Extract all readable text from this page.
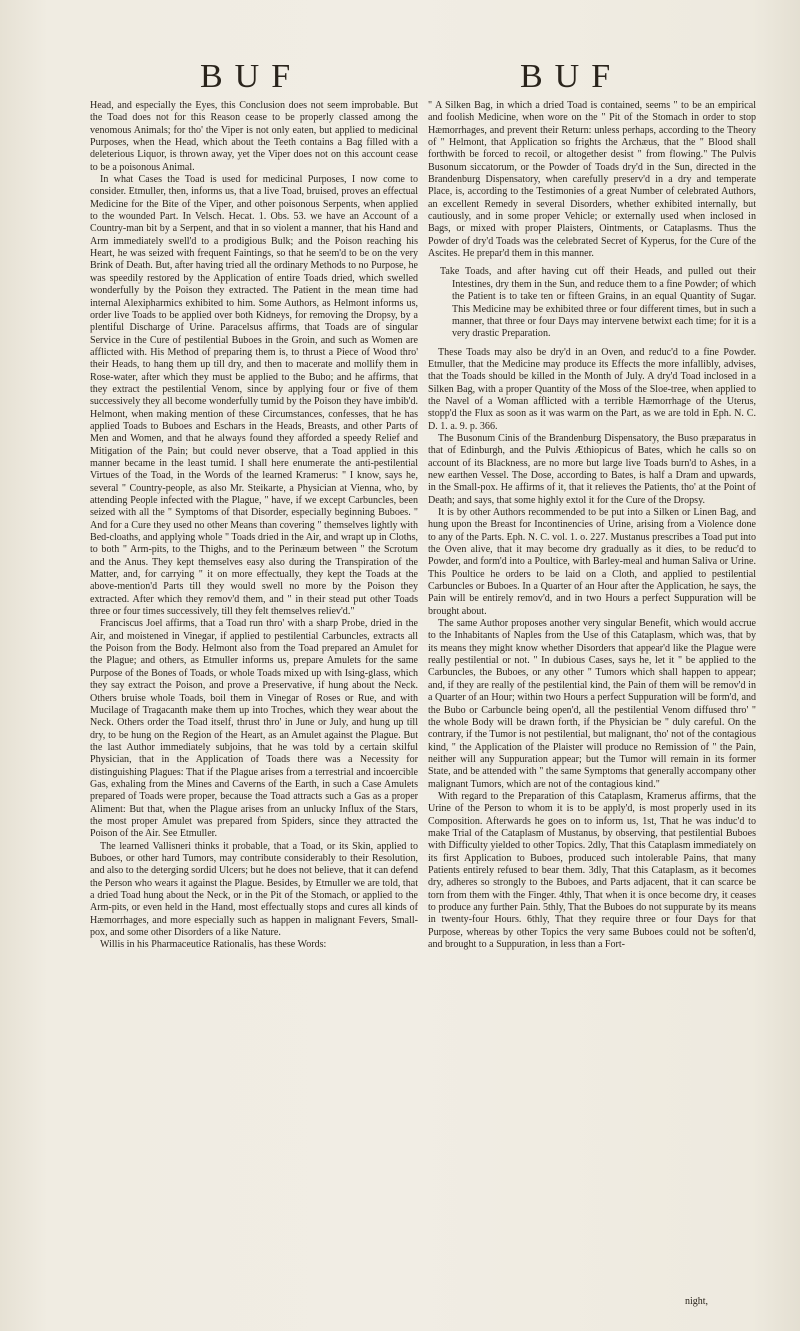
BUF	BUF

Head, and especially the Eyes, this Conclusion does not seem improbable. But the Toad does not for this Reason cease to be properly classed among the venomous Animals; for tho' the Viper is not only eaten, but applied to medicinal Purposes, when the Head, which about the Teeth contains a Bag filled with a deleterious Liquor, is thrown away, yet the Viper does not on this account cease to be a poisonous Animal.

In what Cases the Toad is used for medicinal Purposes, I now come to consider. Etmuller, then, informs us, that a live Toad, bruised, proves an effectual Medicine for the Bite of the Viper, and other poisonous Serpents, when applied to the wounded Part. In Velsch. Hecat. 1. Obs. 53. we have an Account of a Country-man bit by a Serpent, and that in so violent a manner, that his Hand and Arm immediately swell'd to a prodigious Bulk; and the Poison reaching his Heart, he was seized with frequent Faintings, so that he seem'd to be on the very Brink of Death. But, after having tried all the ordinary Methods to no Purpose, he was speedily restored by the Application of entire Toads dried, which swelled wonderfully by the Poison they extracted. The Patient in the mean time had internal Alexipharmics exhibited to him. Some Authors, as Helmont informs us, order live Toads to be applied over both Kidneys, for removing the Dropsy, by a plentiful Discharge of Urine. Paracelsus affirms, that Toads are of singular Service in the Cure of pestilential Buboes in the Groin, and such as Women are afflicted with. His Method of preparing them is, to thrust a Piece of Wood thro' their Heads, to hang them up till dry, and then to macerate and mollify them in Rose-water, after which they must be applied to the Bubo; and he affirms, that they extract the pestilential Venom, since by applying four or five of them successively they all become wonderfully tumid by the Poison they have imbib'd. Helmont, when making mention of these Circumstances, confesses, that he has applied Toads to Buboes and Eschars in the Heads, Breasts, and other Parts of Men and Women, and that he always found they afforded a speedy Relief and Mitigation of the Pain; but could never observe, that a Toad applied in this manner became in the least tumid. I shall here enumerate the anti-pestilential Virtues of the Toad, in the Words of the learned Kramerus: " I know, says he, several " Country-people, as also Mr. Steikarte, a Physician at Vienna, who, by attending People infected with the Plague, " have, if we except Carbuncles, been seized with all the " Symptoms of that Disorder, especially beginning Buboes. " And for a Cure they used no other Means than covering " themselves lightly with Bed-cloaths, and applying whole " Toads dried in the Air, and wrapt up in Cloths, to both " Arm-pits, to the Thighs, and to the Perinæum between " the Scrotum and the Anus. They kept themselves easy also during the Transpiration of the Matter, and, for carrying " it on more effectually, they kept the Toads at the above-mention'd Parts till they would swell no more by the Poison they extracted. After which they remov'd them, and " in their stead put other Toads three or four times successively, till they felt themselves reliev'd."

Franciscus Joel affirms, that a Toad run thro' with a sharp Probe, dried in the Air, and moistened in Vinegar, if applied to pestilential Carbuncles, extracts all the Poison from the Body. Helmont also from the Toad prepared an Amulet for the Plague; and others, as Etmuller informs us, prepare Amulets for the same Purpose of the Bones of Toads, or whole Toads mixed up with Ising-glass, which they say extract the Poison, and prove a Preservative, if hung about the Neck. Others bruise whole Toads, boil them in Vinegar of Roses or Rue, and with Mucilage of Tragacanth make them up into Troches, which they wear about the Neck. Others order the Toad itself, thrust thro' in June or July, and hung up till dry, to be hung on the Region of the Heart, as an Amulet against the Plague. But the last Author immediately subjoins, that he was told by a certain skilful Physician, that in the Application of Toads there was a Necessity for distinguishing Plagues: That if the Plague arises from a terrestrial and incoercible Gas, exhaling from the Mines and Caverns of the Earth, in such a Case Amulets prepared of Toads were proper, because the Toad attracts such a Gas as a proper Aliment: But that, when the Plague arises from an unlucky Influx of the Stars, the most proper Amulet was prepared from Spiders, since they attracted the Poison of the Air. See Etmuller.

The learned Vallisneri thinks it probable, that a Toad, or its Skin, applied to Buboes, or other hard Tumors, may contribute considerably to their Resolution, and also to the deterging sordid Ulcers; but he does not believe, that it can defend the Person who wears it against the Plague. Besides, by Etmuller we are told, that a dried Toad hung about the Neck, or in the Pit of the Stomach, or applied to the Arm-pits, or even held in the Hand, most effectually stops and cures all kinds of Hæmorrhages, and more especially such as happen in malignant Fevers, Small-pox, and some other Disorders of a like Nature.

Willis in his Pharmaceutice Rationalis, has these Words:

" A Silken Bag, in which a dried Toad is contained, seems " to be an empirical and foolish Medicine, when wore on the " Pit of the Stomach in order to stop Hæmorrhages, and prevent their Return: unless perhaps, according to the Theory of " Helmont, that Application so frights the Archæus, that the " Blood shall forthwith be forced to recoil, or altogether desist " from flowing." The Pulvis Busonum siccatorum, or the Powder of Toads dry'd in the Sun, directed in the Brandenburg Dispensatory, when carefully preserv'd in a dry and temperate Place, is, according to the Testimonies of a great Number of celebrated Authors, an excellent Remedy in several Disorders, whether exhibited internally, but cautiously, and in some proper Vehicle; or externally used when inclosed in Bags, or mixed with proper Plaisters, Ointments, or Cataplasms. Thus the Powder of dry'd Toads was the celebrated Secret of Kyperus, for the Cure of the Ascites. He prepar'd them in this manner.

Take Toads, and after having cut off their Heads, and pulled out their Intestines, dry them in the Sun, and reduce them to a fine Powder; of which the Patient is to take ten or fifteen Grains, in an equal Quantity of Sugar. This Medicine may be exhibited three or four different times, but in such a manner, that three or four Days may intervene betwixt each time; for it is a very drastic Preparation.

These Toads may also be dry'd in an Oven, and reduc'd to a fine Powder. Etmuller, that the Medicine may produce its Effects the more infallibly, advises, that the Toads should be killed in the Month of July. A dry'd Toad inclosed in a Silken Bag, with a proper Quantity of the Moss of the Sloe-tree, when applied to the Navel of a Woman afflicted with a terrible Hæmorrhage of the Uterus, stopp'd the Flux as soon as it was warm on the Part, as we are told in Eph. N. C. D. 1. a. 9. p. 366.

The Busonum Cinis of the Brandenburg Dispensatory, the Buso præparatus in that of Edinburgh, and the Pulvis Æthiopicus of Bates, which he calls so on account of its Blackness, are no more but large live Toads burn'd to Ashes, in a new earthen Vessel. The Dose, according to Bates, is half a Dram and upwards, in the Small-pox. He affirms of it, that it relieves the Patients, tho' at the Point of Death; and says, that some highly extol it for the Cure of the Dropsy.

It is by other Authors recommended to be put into a Silken or Linen Bag, and hung upon the Breast for Incontinencies of Urine, arising from a Violence done to any of the Parts. Eph. N. C. vol. 1. o. 227. Mustanus prescribes a Toad put into the Oven alive, that it may become dry gradually as it dies, to be reduc'd to Powder, and form'd into a Poultice, with Barley-meal and human Saliva or Urine. This Poultice he orders to be laid on a Cloth, and applied to pestilential Carbuncles or Buboes. In a Quarter of an Hour after the Application, he says, the Pain will be entirely remov'd, and in two Hours a perfect Suppuration will be brought about.

The same Author proposes another very singular Benefit, which would accrue to the Inhabitants of Naples from the Use of this Cataplasm, which was, that by its means they might know whether Disorders that appear'd like the Plague were really pestilential or not. " In dubious Cases, says he, let it " be applied to the Carbuncles, the Buboes, or any other " Tumors which shall happen to appear; and, if they are really of the pestilential kind, the Pain of them will be remov'd in a Quarter of an Hour; within two Hours a perfect Suppuration will be form'd, and the Bubo or Carbuncle being open'd, all the pestilential Venom diffused thro' " the whole Body will be drawn forth, if the Physician be " duly careful. On the contrary, if the Tumor is not pestilential, but malignant, tho' not of the contagious kind, " the Application of the Plaister will produce no Remission of " the Pain, neither will any Suppuration appear; but the Tumor will remain in its former State, and be attended with " the same Symptoms that generally accompany other malignant Tumors, which are not of the contagious kind."

With regard to the Preparation of this Cataplasm, Kramerus affirms, that the Urine of the Person to whom it is to be apply'd, is most properly used in its Composition. Afterwards he goes on to inform us, 1st, That he was induc'd to make Trial of the Cataplasm of Mustanus, by observing, that pestilential Buboes with Difficulty yielded to other Topics. 2dly, That this Cataplasm immediately on its first Application to Buboes, produced such intolerable Pains, that many Patients entirely refused to bear them. 3dly, That this Cataplasm, as it becomes dry, adheres so strongly to the Buboes, and Parts adjacent, that it can scarce be torn from them with the Finger. 4thly, That when it is once become dry, it ceases to produce any further Pain. 5thly, That the Buboes do not suppurate by its means in twenty-four Hours. 6thly, That they require three or four Days for that Purpose, whereas by other Topics the very same Buboes could not be soften'd, and brought to a Suppuration, in less than a Fort-

night,
